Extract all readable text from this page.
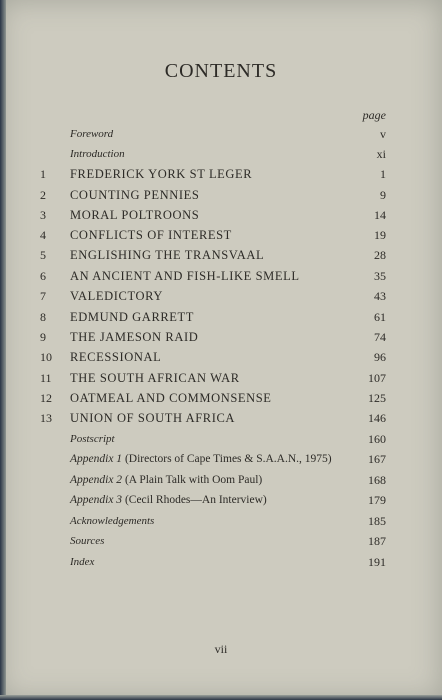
CONTENTS
page
Foreword	v
Introduction	xi
1	FREDERICK YORK ST LEGER	1
2	COUNTING PENNIES	9
3	MORAL POLTROONS	14
4	CONFLICTS OF INTEREST	19
5	ENGLISHING THE TRANSVAAL	28
6	AN ANCIENT AND FISH-LIKE SMELL	35
7	VALEDICTORY	43
8	EDMUND GARRETT	61
9	THE JAMESON RAID	74
10	RECESSIONAL	96
11	THE SOUTH AFRICAN WAR	107
12	OATMEAL AND COMMONSENSE	125
13	UNION OF SOUTH AFRICA	146
Postscript	160
Appendix 1 (Directors of Cape Times & S.A.A.N., 1975)	167
Appendix 2 (A Plain Talk with Oom Paul)	168
Appendix 3 (Cecil Rhodes—An Interview)	179
Acknowledgements	185
Sources	187
Index	191
vii
